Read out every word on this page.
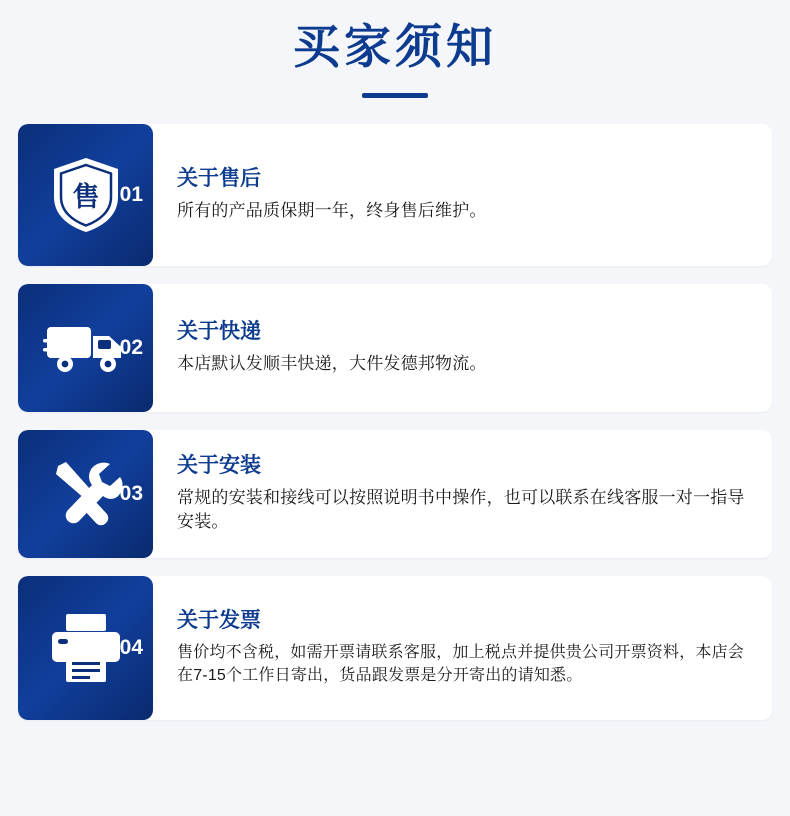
买家须知
售 01
关于售后

所有的产品质保期一年，终身售后维护。

02
关于快递

本店默认发顺丰快递，大件发德邦物流。

03
关于安装

常规的安装和接线可以按照说明书中操作，也可以联系在线客服一对一指导安装。

04
关于发票

售价均不含税，如需开票请联系客服，加上税点并提供贵公司开票资料，本店会在7-15个工作日寄出，货品跟发票是分开寄出的请知悉。
